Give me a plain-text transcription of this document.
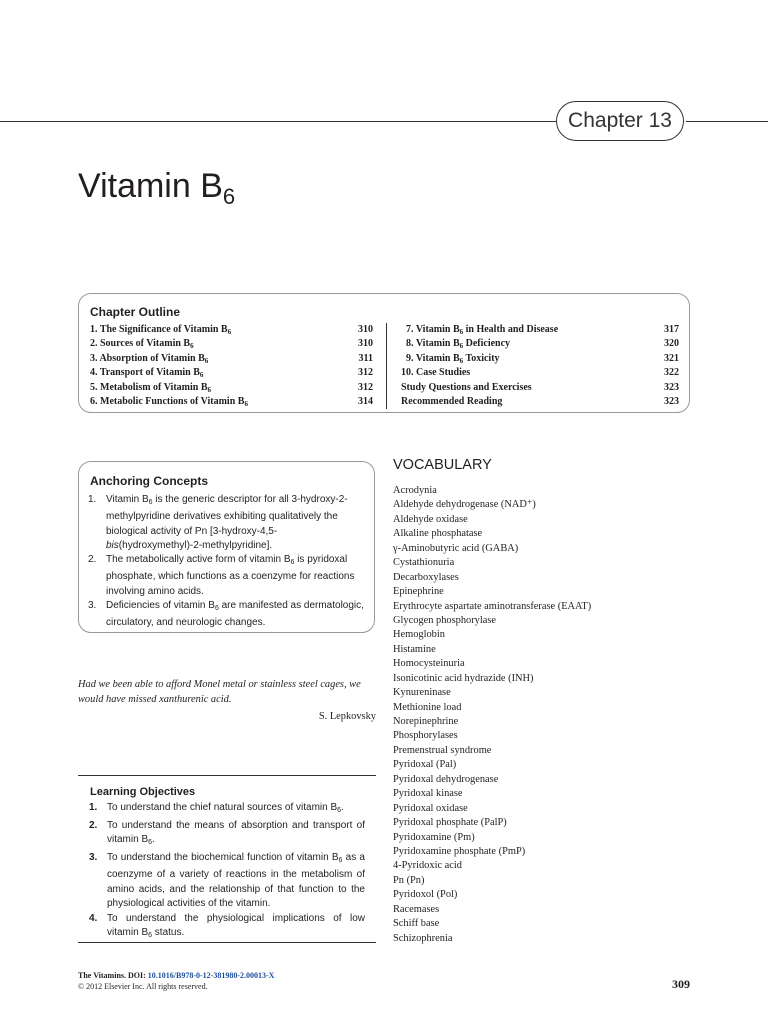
Chapter 13
Vitamin $B_6$
Chapter Outline
1. The Significance of Vitamin $B_6$	310
2. Sources of Vitamin $B_6$	310
3. Absorption of Vitamin $B_6$	311
4. Transport of Vitamin $B_6$	312
5. Metabolism of Vitamin $B_6$	312
6. Metabolic Functions of Vitamin $B_6$	314
7. Vitamin $B_6$ in Health and Disease	317
8. Vitamin $B_6$ Deficiency	320
9. Vitamin $B_6$ Toxicity	321
10. Case Studies	322
Study Questions and Exercises	323
Recommended Reading	323
Anchoring Concepts
1. Vitamin $B_6$ is the generic descriptor for all 3-hydroxy-2-methylpyridine derivatives exhibiting qualitatively the biological activity of Pn [3-hydroxy-4,5-bis(hydroxymethyl)-2-methylpyridine].
2. The metabolically active form of vitamin $B_6$ is pyridoxal phosphate, which functions as a coenzyme for reactions involving amino acids.
3. Deficiencies of vitamin $B_6$ are manifested as dermatologic, circulatory, and neurologic changes.
Had we been able to afford Monel metal or stainless steel cages, we would have missed xanthurenic acid.
S. Lepkovsky
Learning Objectives
1. To understand the chief natural sources of vitamin $B_6$.
2. To understand the means of absorption and transport of vitamin $B_6$.
3. To understand the biochemical function of vitamin $B_6$ as a coenzyme of a variety of reactions in the metabolism of amino acids, and the relationship of that function to the physiological activities of the vitamin.
4. To understand the physiological implications of low vitamin $B_6$ status.
VOCABULARY
Acrodynia
Aldehyde dehydrogenase (NAD⁺)
Aldehyde oxidase
Alkaline phosphatase
γ-Aminobutyric acid (GABA)
Cystathionuria
Decarboxylases
Epinephrine
Erythrocyte aspartate aminotransferase (EAAT)
Glycogen phosphorylase
Hemoglobin
Histamine
Homocysteinuria
Isonicotinic acid hydrazide (INH)
Kynureninase
Methionine load
Norepinephrine
Phosphorylases
Premenstrual syndrome
Pyridoxal (Pal)
Pyridoxal dehydrogenase
Pyridoxal kinase
Pyridoxal oxidase
Pyridoxal phosphate (PalP)
Pyridoxamine (Pm)
Pyridoxamine phosphate (PmP)
4-Pyridoxic acid
Pn (Pn)
Pyridoxol (Pol)
Racemases
Schiff base
Schizophrenia
The Vitamins. DOI: 10.1016/B978-0-12-381980-2.00013-X
© 2012 Elsevier Inc. All rights reserved.	309
